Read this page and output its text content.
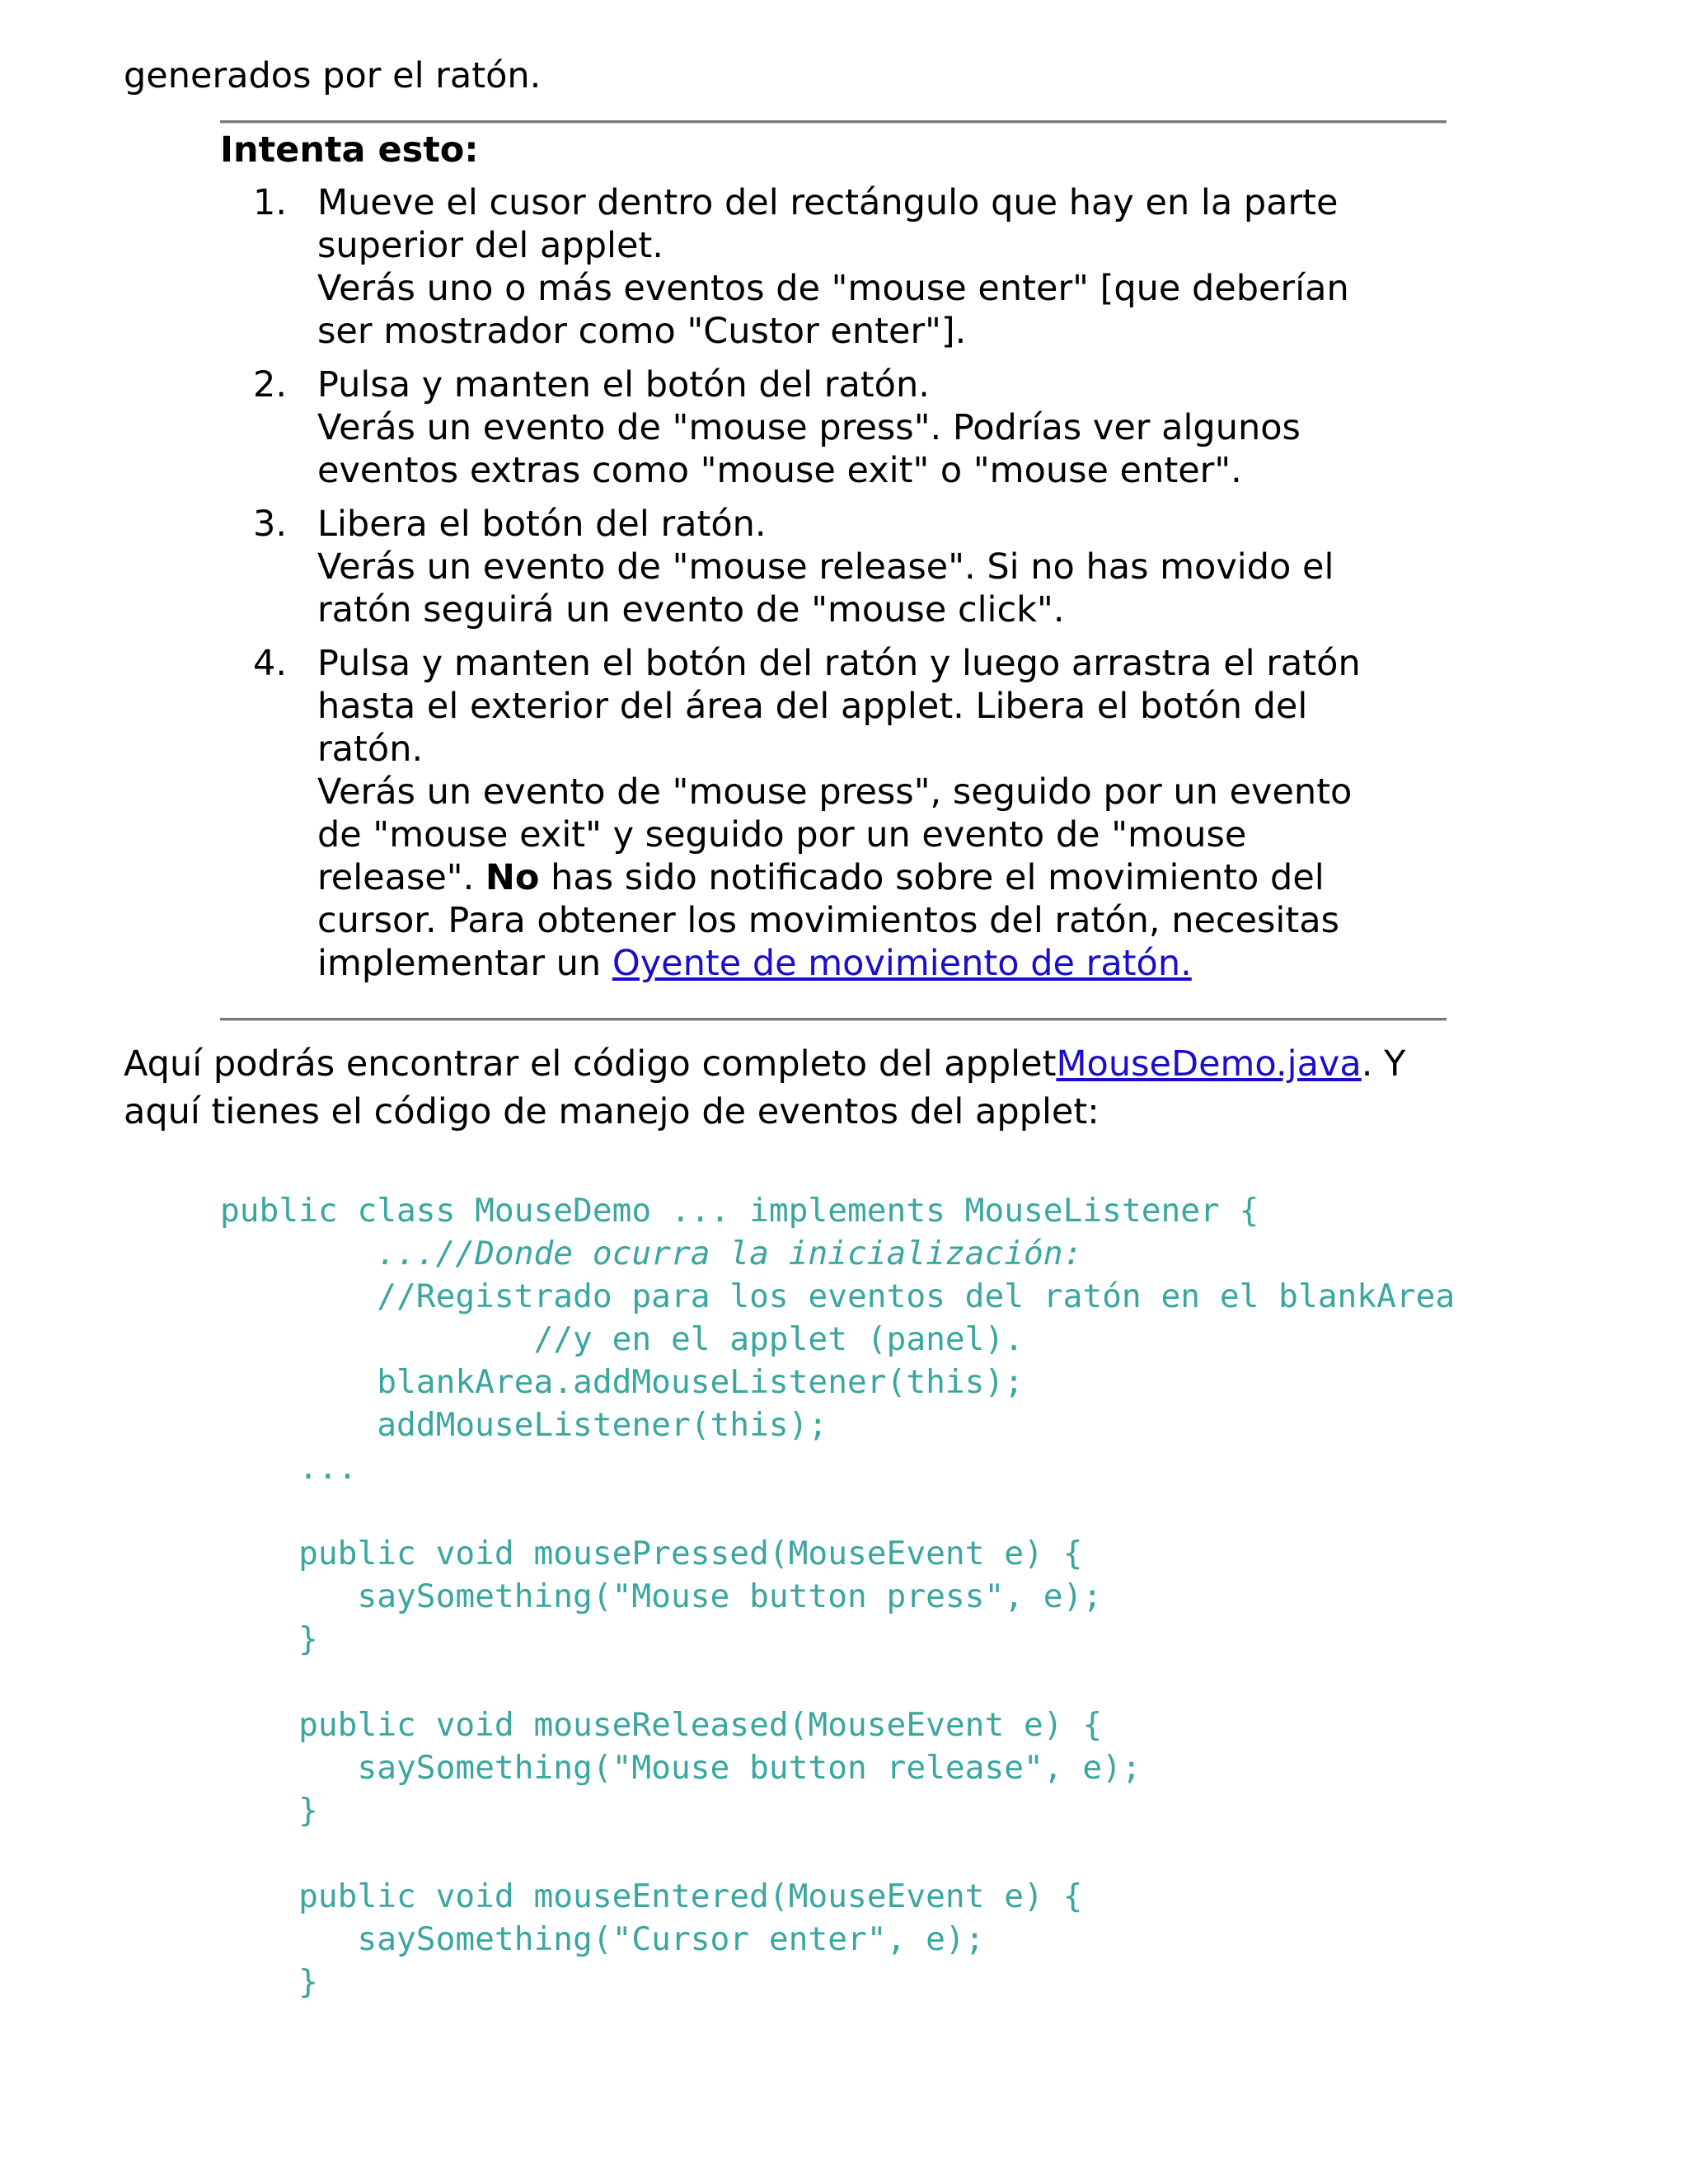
generados por el ratón.

Intenta esto:

1. Mueve el cusor dentro del rectángulo que hay en la parte
superior del applet.
Verás uno o más eventos de "mouse enter" [que deberían
ser mostrador como "Custor enter"].
2. Pulsa y manten el botón del ratón.
Verás un evento de "mouse press". Podrías ver algunos
eventos extras como "mouse exit" o "mouse enter".
3. Libera el botón del ratón.
Verás un evento de "mouse release". Si no has movido el
ratón seguirá un evento de "mouse click".
4. Pulsa y manten el botón del ratón y luego arrastra el ratón
hasta el exterior del área del applet. Libera el botón del
ratón.
Verás un evento de "mouse press", seguido por un evento
de "mouse exit" y seguido por un evento de "mouse
release". No has sido notificado sobre el movimiento del
cursor. Para obtener los movimientos del ratón, necesitas
implementar un Oyente de movimiento de ratón.

Aquí podrás encontrar el código completo del appletMouseDemo.java. Y
aquí tienes el código de manejo de eventos del applet:

public class MouseDemo ... implements MouseListener {
...//Donde ocurra la inicialización:
//Registrado para los eventos del ratón en el blankArea
//y en el applet (panel).
blankArea.addMouseListener(this);
addMouseListener(this);
...
public void mousePressed(MouseEvent e) {
saySomething("Mouse button press", e);
}
public void mouseReleased(MouseEvent e) {
saySomething("Mouse button release", e);
}
public void mouseEntered(MouseEvent e) {
saySomething("Cursor enter", e);
}
